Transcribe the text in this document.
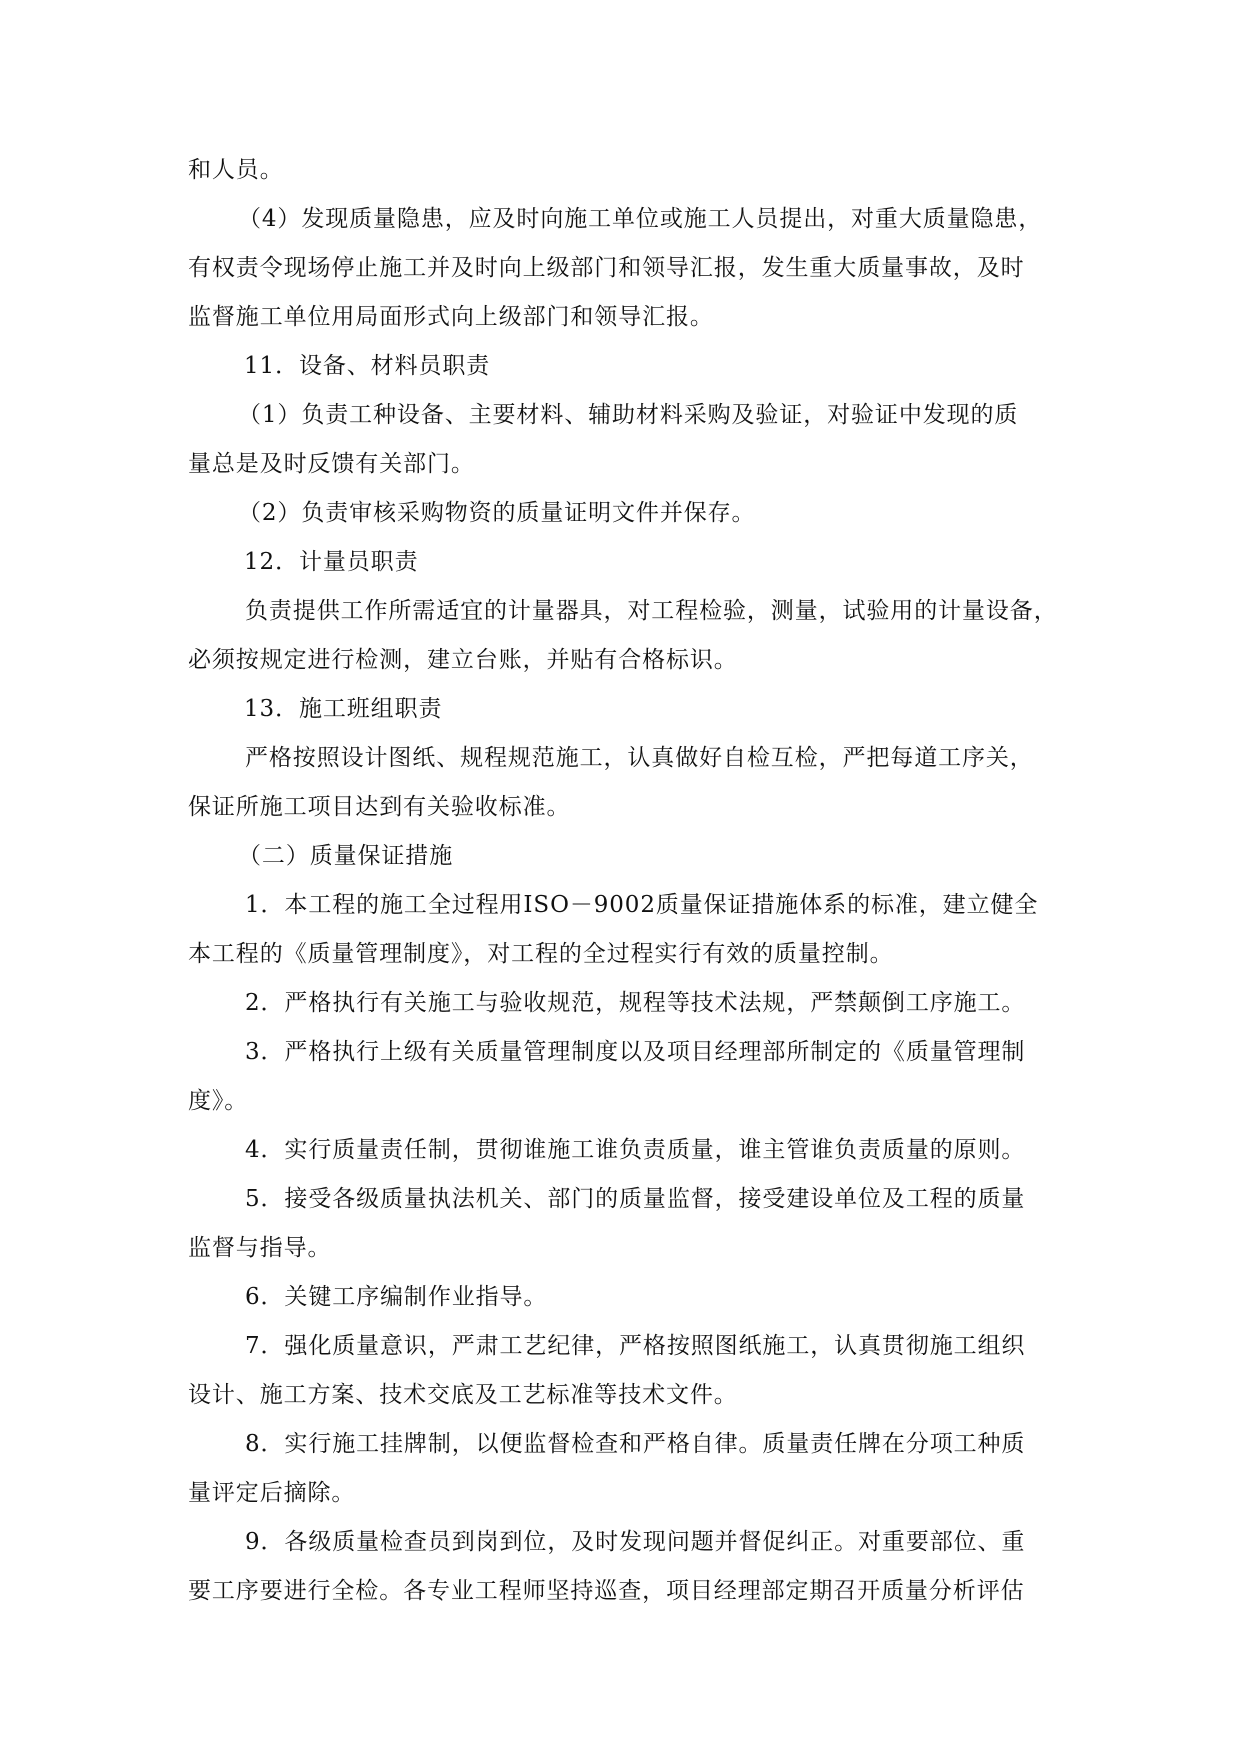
和人员。
（4）发现质量隐患，应及时向施工单位或施工人员提出，对重大质量隐患，
有权责令现场停止施工并及时向上级部门和领导汇报，发生重大质量事故，及时
监督施工单位用局面形式向上级部门和领导汇报。
11．设备、材料员职责
（1）负责工种设备、主要材料、辅助材料采购及验证，对验证中发现的质
量总是及时反馈有关部门。
（2）负责审核采购物资的质量证明文件并保存。
12．计量员职责
负责提供工作所需适宜的计量器具，对工程检验，测量，试验用的计量设备，
必须按规定进行检测，建立台账，并贴有合格标识。
13．施工班组职责
严格按照设计图纸、规程规范施工，认真做好自检互检，严把每道工序关，
保证所施工项目达到有关验收标准。
（二）质量保证措施
1．本工程的施工全过程用ISO－9002质量保证措施体系的标准，建立健全
本工程的《质量管理制度》，对工程的全过程实行有效的质量控制。
2．严格执行有关施工与验收规范，规程等技术法规，严禁颠倒工序施工。
3．严格执行上级有关质量管理制度以及项目经理部所制定的《质量管理制
度》。
4．实行质量责任制，贯彻谁施工谁负责质量，谁主管谁负责质量的原则。
5．接受各级质量执法机关、部门的质量监督，接受建设单位及工程的质量
监督与指导。
6．关键工序编制作业指导。
7．强化质量意识，严肃工艺纪律，严格按照图纸施工，认真贯彻施工组织
设计、施工方案、技术交底及工艺标准等技术文件。
8．实行施工挂牌制，以便监督检查和严格自律。质量责任牌在分项工种质
量评定后摘除。
9．各级质量检查员到岗到位，及时发现问题并督促纠正。对重要部位、重
要工序要进行全检。各专业工程师坚持巡查，项目经理部定期召开质量分析评估
